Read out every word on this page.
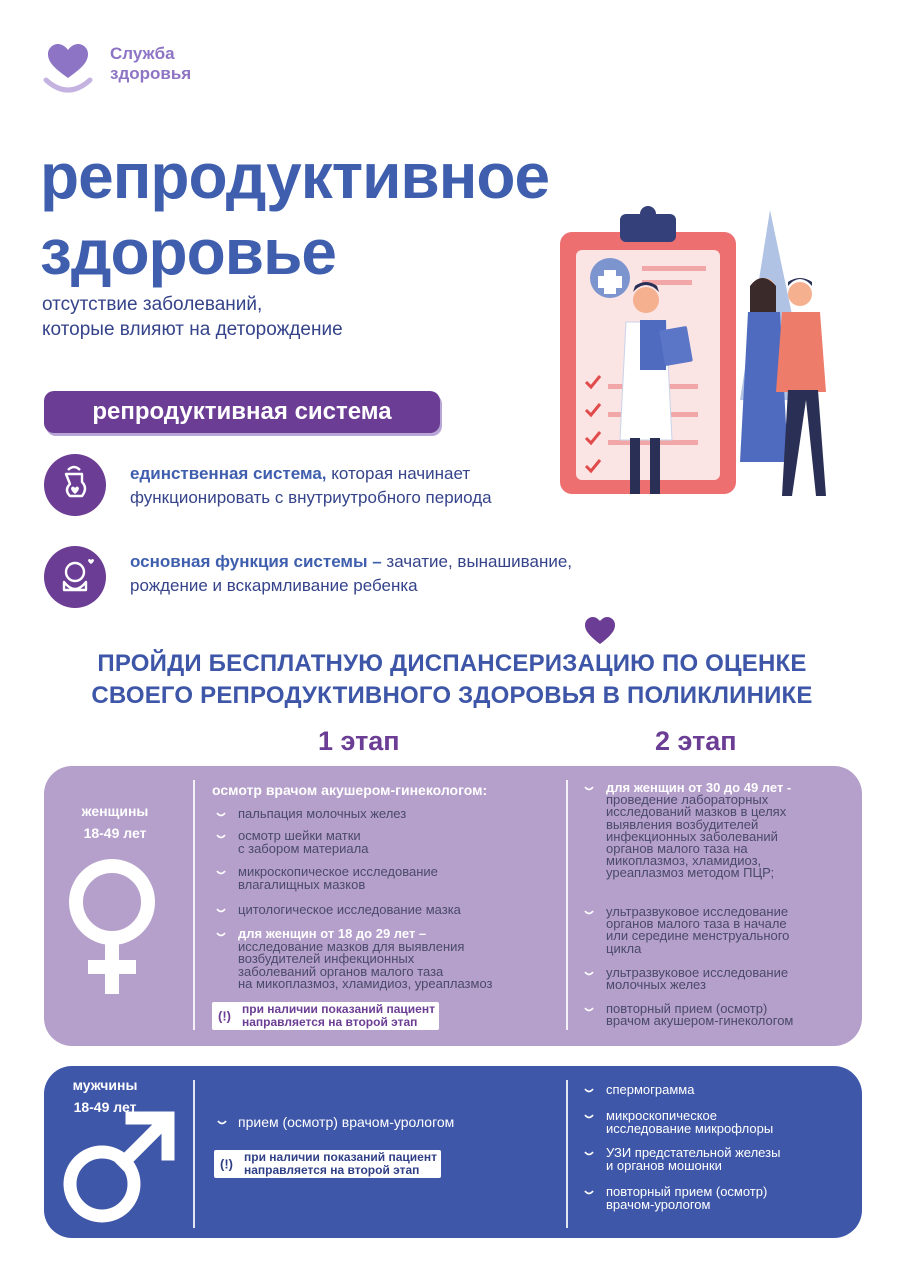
Служба
здоровья
репродуктивное
здоровье
отсутствие заболеваний,
которые влияют на деторождение
репродуктивная система
единственная система, которая начинает
функционировать с внутриутробного периода
основная функция системы – зачатие, вынашивание,
рождение и вскармливание ребенка
ПРОЙДИ БЕСПЛАТНУЮ ДИСПАНСЕРИЗАЦИЮ ПО ОЦЕНКЕ
СВОЕГО РЕПРОДУКТИВНОГО ЗДОРОВЬЯ В ПОЛИКЛИНИКЕ
1 этап	2 этап
женщины
18-49 лет
осмотр врачом акушером-гинекологом:
пальпация молочных желез
осмотр шейки матки
с забором материала
микроскопическое исследование
влагалищных мазков
цитологическое исследование мазка
для женщин от 18 до 29 лет –
исследование мазков для выявления
возбудителей инфекционных
заболеваний органов малого таза
на микоплазмоз, хламидиоз, уреаплазмоз
(!) при наличии показаний пациент
направляется на второй этап
для женщин от 30 до 49 лет -
проведение лабораторных
исследований мазков в целях
выявления возбудителей
инфекционных заболеваний
органов малого таза на
микоплазмоз, хламидиоз,
уреаплазмоз методом ПЦР;
ультразвуковое исследование
органов малого таза в начале
или середине менструального
цикла
ультразвуковое исследование
молочных желез
повторный прием (осмотр)
врачом акушером-гинекологом
мужчины
18-49 лет
прием (осмотр) врачом-урологом
(!) при наличии показаний пациент
направляется на второй этап
спермограмма
микроскопическое
исследование микрофлоры
УЗИ предстательной железы
и органов мошонки
повторный прием (осмотр)
врачом-урологом
